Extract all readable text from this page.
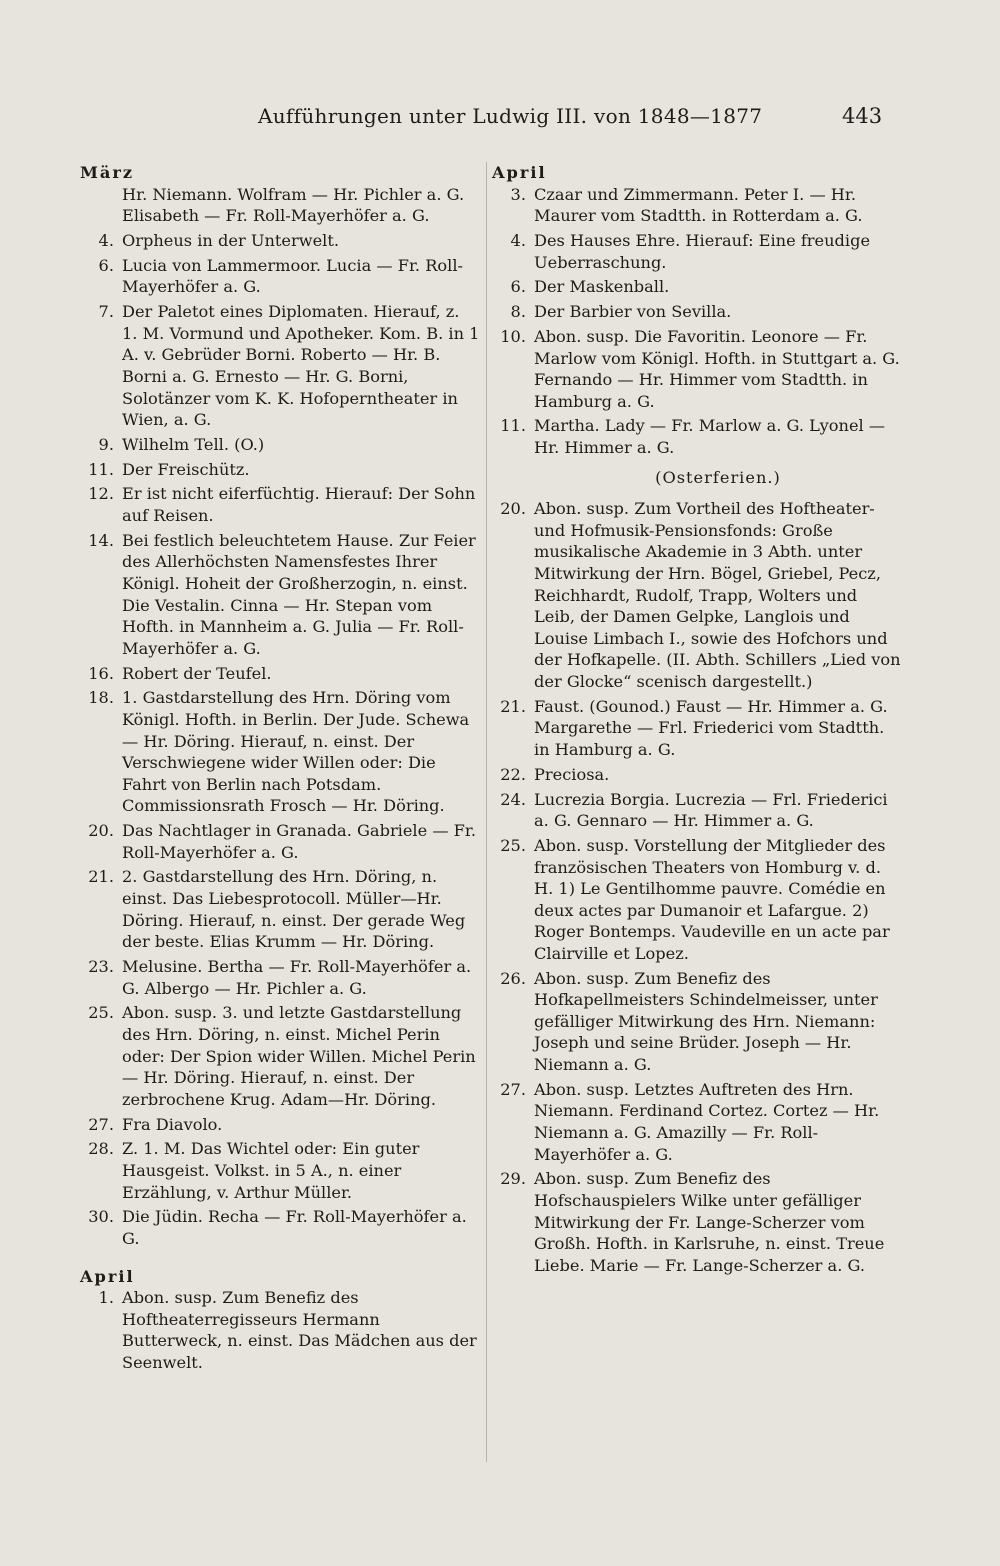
Aufführungen unter Ludwig III. von 1848—1877	443

März

Hr. Niemann. Wolfram — Hr. Pichler a. G. Elisabeth — Fr. Roll-Mayerhöfer a. G.

4. Orpheus in der Unterwelt.
6. Lucia von Lammermoor. Lucia — Fr. Roll-Mayerhöfer a. G.
7. Der Paletot eines Diplomaten. Hierauf, z. 1. M. Vormund und Apotheker. Kom. B. in 1 A. v. Gebrüder Borni. Roberto — Hr. B. Borni a. G. Ernesto — Hr. G. Borni, Solotänzer vom K. K. Hofoperntheater in Wien, a. G.
9. Wilhelm Tell. (O.)
11. Der Freischütz.
12. Er ist nicht eiferfüchtig. Hierauf: Der Sohn auf Reisen.
14. Bei festlich beleuchtetem Hause. Zur Feier des Allerhöchsten Namensfestes Ihrer Königl. Hoheit der Großherzogin, n. einst. Die Vestalin. Cinna — Hr. Stepan vom Hofth. in Mannheim a. G. Julia — Fr. Roll-Mayerhöfer a. G.
16. Robert der Teufel.
18. 1. Gastdarstellung des Hrn. Döring vom Königl. Hofth. in Berlin. Der Jude. Schewa — Hr. Döring. Hierauf, n. einst. Der Verschwiegene wider Willen oder: Die Fahrt von Berlin nach Potsdam. Commissionsrath Frosch — Hr. Döring.
20. Das Nachtlager in Granada. Gabriele — Fr. Roll-Mayerhöfer a. G.
21. 2. Gastdarstellung des Hrn. Döring, n. einst. Das Liebesprotocoll. Müller—Hr. Döring. Hierauf, n. einst. Der gerade Weg der beste. Elias Krumm — Hr. Döring.
23. Melusine. Bertha — Fr. Roll-Mayerhöfer a. G. Albergo — Hr. Pichler a. G.
25. Abon. susp. 3. und letzte Gastdarstellung des Hrn. Döring, n. einst. Michel Perin oder: Der Spion wider Willen. Michel Perin — Hr. Döring. Hierauf, n. einst. Der zerbrochene Krug. Adam—Hr. Döring.
27. Fra Diavolo.
28. Z. 1. M. Das Wichtel oder: Ein guter Hausgeist. Volkst. in 5 A., n. einer Erzählung, v. Arthur Müller.
30. Die Jüdin. Recha — Fr. Roll-Mayerhöfer a. G.

April

1. Abon. susp. Zum Benefiz des Hoftheaterregisseurs Hermann Butterweck, n. einst. Das Mädchen aus der Seenwelt.

April

3. Czaar und Zimmermann. Peter I. — Hr. Maurer vom Stadtth. in Rotterdam a. G.
4. Des Hauses Ehre. Hierauf: Eine freudige Ueberraschung.
6. Der Maskenball.
8. Der Barbier von Sevilla.
10. Abon. susp. Die Favoritin. Leonore — Fr. Marlow vom Königl. Hofth. in Stuttgart a. G. Fernando — Hr. Himmer vom Stadtth. in Hamburg a. G.
11. Martha. Lady — Fr. Marlow a. G. Lyonel — Hr. Himmer a. G.

(Osterferien.)

20. Abon. susp. Zum Vortheil des Hoftheater- und Hofmusik-Pensionsfonds: Große musikalische Akademie in 3 Abth. unter Mitwirkung der Hrn. Bögel, Griebel, Pecz, Reichhardt, Rudolf, Trapp, Wolters und Leib, der Damen Gelpke, Langlois und Louise Limbach I., sowie des Hofchors und der Hofkapelle. (II. Abth. Schillers „Lied von der Glocke“ scenisch dargestellt.)
21. Faust. (Gounod.) Faust — Hr. Himmer a. G. Margarethe — Frl. Friederici vom Stadtth. in Hamburg a. G.
22. Preciosa.
24. Lucrezia Borgia. Lucrezia — Frl. Friederici a. G. Gennaro — Hr. Himmer a. G.
25. Abon. susp. Vorstellung der Mitglieder des französischen Theaters von Homburg v. d. H. 1) Le Gentilhomme pauvre. Comédie en deux actes par Dumanoir et Lafargue. 2) Roger Bontemps. Vaudeville en un acte par Clairville et Lopez.
26. Abon. susp. Zum Benefiz des Hofkapellmeisters Schindelmeisser, unter gefälliger Mitwirkung des Hrn. Niemann: Joseph und seine Brüder. Joseph — Hr. Niemann a. G.
27. Abon. susp. Letztes Auftreten des Hrn. Niemann. Ferdinand Cortez. Cortez — Hr. Niemann a. G. Amazilly — Fr. Roll-Mayerhöfer a. G.
29. Abon. susp. Zum Benefiz des Hofschauspielers Wilke unter gefälliger Mitwirkung der Fr. Lange-Scherzer vom Großh. Hofth. in Karlsruhe, n. einst. Treue Liebe. Marie — Fr. Lange-Scherzer a. G.
